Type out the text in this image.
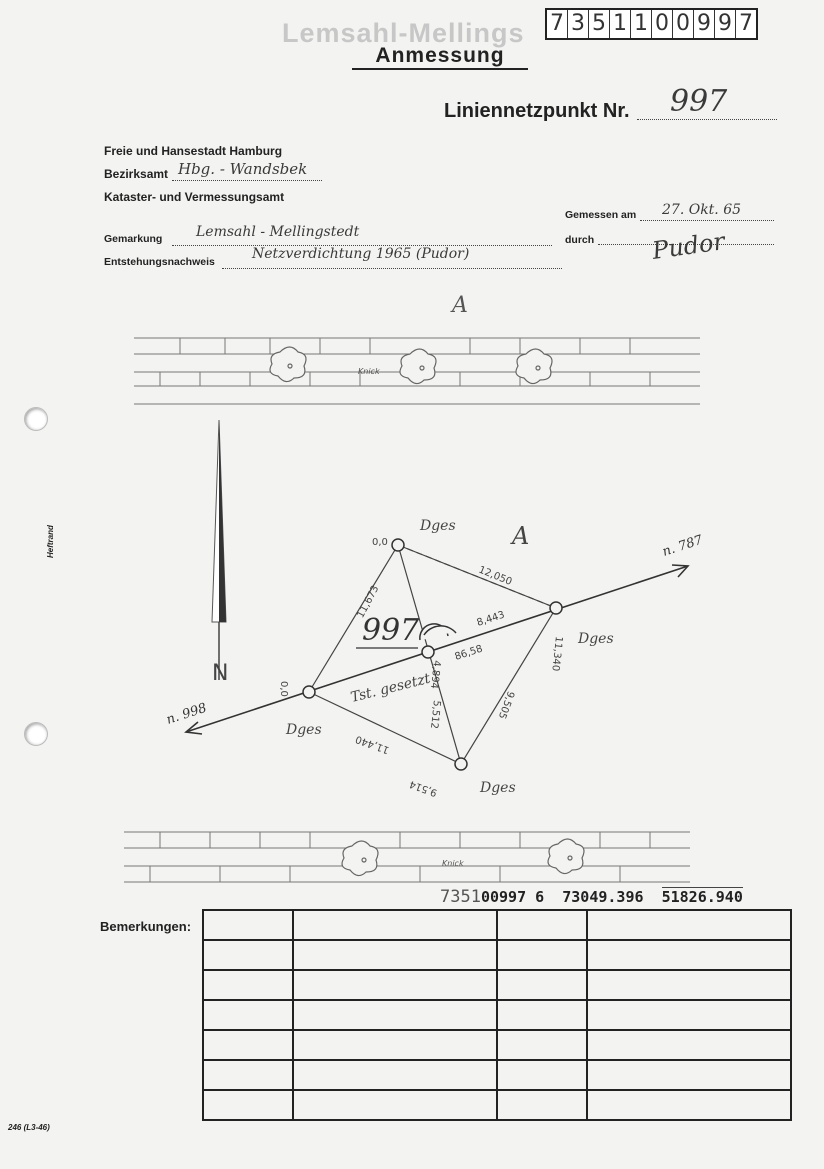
Lemsahl-Mellings
Anmessung
7 3 5 1 1 0 0 9 9 7
Liniennetzpunkt Nr. 997
Freie und Hansestadt Hamburg
Bezirksamt Hbg. - Wandsbek
Kataster- und Vermessungsamt
Gemarkung Lemsahl - Mellingstedt
Entstehungsnachweis	Netzverdichtung 1965 (Pudor)
Gemessen am 27. Okt. 65
durch Pudor
Heftrand
Knick
A
N
n. 787
n. 998
997
A
Dges
Dges
Dges
Dges
0,0
0,0
11,673
12,050
8,443
11,340
86,58
4,894
11,440
5,512	9,505
9,514
Tst. gesetzt
Knick
735100997 6 73049.396 51826.940
Bemerkungen:

246 (L3-46)
